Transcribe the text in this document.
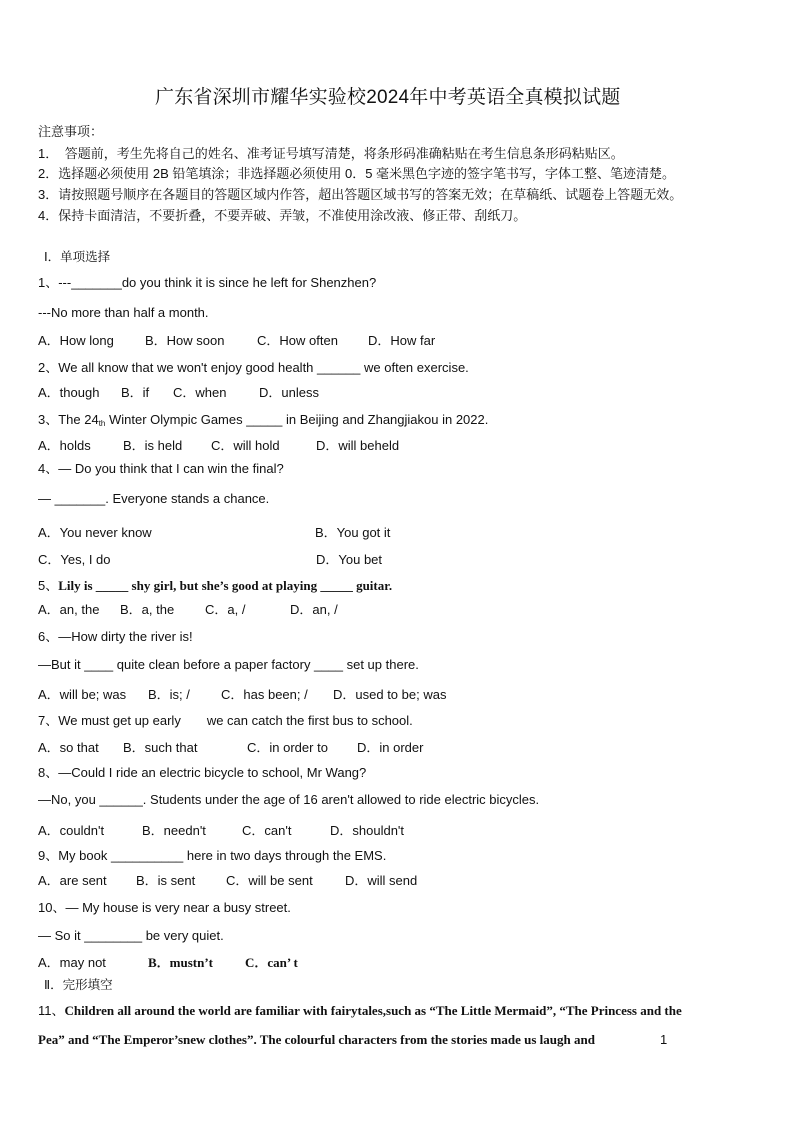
广东省深圳市耀华实验校2024年中考英语全真模拟试题
注意事项：
1．　答题前，考生先将自己的姓名、准考证号填写清楚，将条形码准确粘贴在考生信息条形码粘贴区。
2．选择题必须使用 2B 铅笔填涂；非选择题必须使用 0．5 毫米黑色字迹的签字笔书写，字体工整、笔迹清楚。
3．请按照题号顺序在各题目的答题区域内作答，超出答题区域书写的答案无效；在草稿纸、试题卷上答题无效。
4．保持卡面清洁，不要折叠，不要弄破、弄皱，不准使用涂改液、修正带、刮纸刀。
Ⅰ．单项选择
1、---_______do you think it is since he left for Shenzhen?
---No more than half a month.
A．How long B．How soon	C．How often D．How far
2、We all know that we won't enjoy good health ______ we often exercise.
A．though B．if C．when	D．unless
3、The $24_{th}$ Winter Olympic Games _____ in Beijing and Zhangjiakou in 2022.
A．holds B．is held C．will hold	D．will beheld
4、— Do you think that I can win the final?
— _______. Everyone stands a chance.
A．You never know	B．You got it
C．Yes, I do	D．You bet
5、Lily is _____ shy girl, but she’s good at playing _____ guitar.
A．an, the B．a, the C．a, /	D．an, /
6、—How dirty the river is!
—But it ____ quite clean before a paper factory ____ set up there.
A．will be; was B．is; / C．has been; / D．used to be; was
7、We must get up early　　we can catch the first bus to school.
A．so that B．such that	C．in order to D．in order
8、—Could I ride an electric bicycle to school, Mr Wang?
—No, you ______. Students under the age of 16 aren't allowed to ride electric bicycles.
A．couldn't	B．needn't	C．can't	D．shouldn't
9、My book __________ here in two days through the EMS.
A．are sent B．is sent C．will be sent D．will send
10、— My house is very near a busy street.
— So it ________ be very quiet.
A．may not	B．mustn’t C．can’ t
Ⅱ．完形填空
11、Children all around the world are familiar with fairytales,such as “The Little Mermaid”, “The Princess and the
Pea” and “The Emperor’snew clothes”. The colourful characters from the stories made us laugh and	1
